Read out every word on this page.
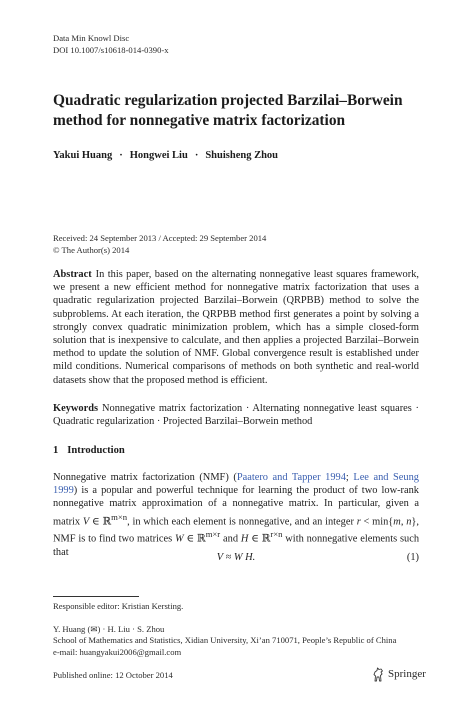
Data Min Knowl Disc
DOI 10.1007/s10618-014-0390-x
Quadratic regularization projected Barzilai–Borwein
method for nonnegative matrix factorization
Yakui Huang · Hongwei Liu · Shuisheng Zhou
Received: 24 September 2013 / Accepted: 29 September 2014
© The Author(s) 2014
Abstract In this paper, based on the alternating nonnegative least squares framework, we present a new efficient method for nonnegative matrix factorization that uses a quadratic regularization projected Barzilai–Borwein (QRPBB) method to solve the subproblems. At each iteration, the QRPBB method first generates a point by solving a strongly convex quadratic minimization problem, which has a simple closed-form solution that is inexpensive to calculate, and then applies a projected Barzilai–Borwein method to update the solution of NMF. Global convergence result is established under mild conditions. Numerical comparisons of methods on both synthetic and real-world datasets show that the proposed method is efficient.
Keywords Nonnegative matrix factorization · Alternating nonnegative least squares · Quadratic regularization · Projected Barzilai–Borwein method
1 Introduction
Nonnegative matrix factorization (NMF) (Paatero and Tapper 1994; Lee and Seung 1999) is a popular and powerful technique for learning the product of two low-rank nonnegative matrix approximation of a nonnegative matrix. In particular, given a matrix V ∈ ℝ$^{m\times n}$, in which each element is nonnegative, and an integer r < min{m, n}, NMF is to find two matrices W ∈ ℝ$^{m\times r}$ and H ∈ ℝ$^{r\times n}$ with nonnegative elements such that	V ≈ W H.	(1)
Responsible editor: Kristian Kersting.
Y. Huang (✉) · H. Liu · S. Zhou
School of Mathematics and Statistics, Xidian University, Xi’an 710071, People’s Republic of China
e-mail: huangyakui2006@gmail.com
Published online: 12 October 2014	Springer
